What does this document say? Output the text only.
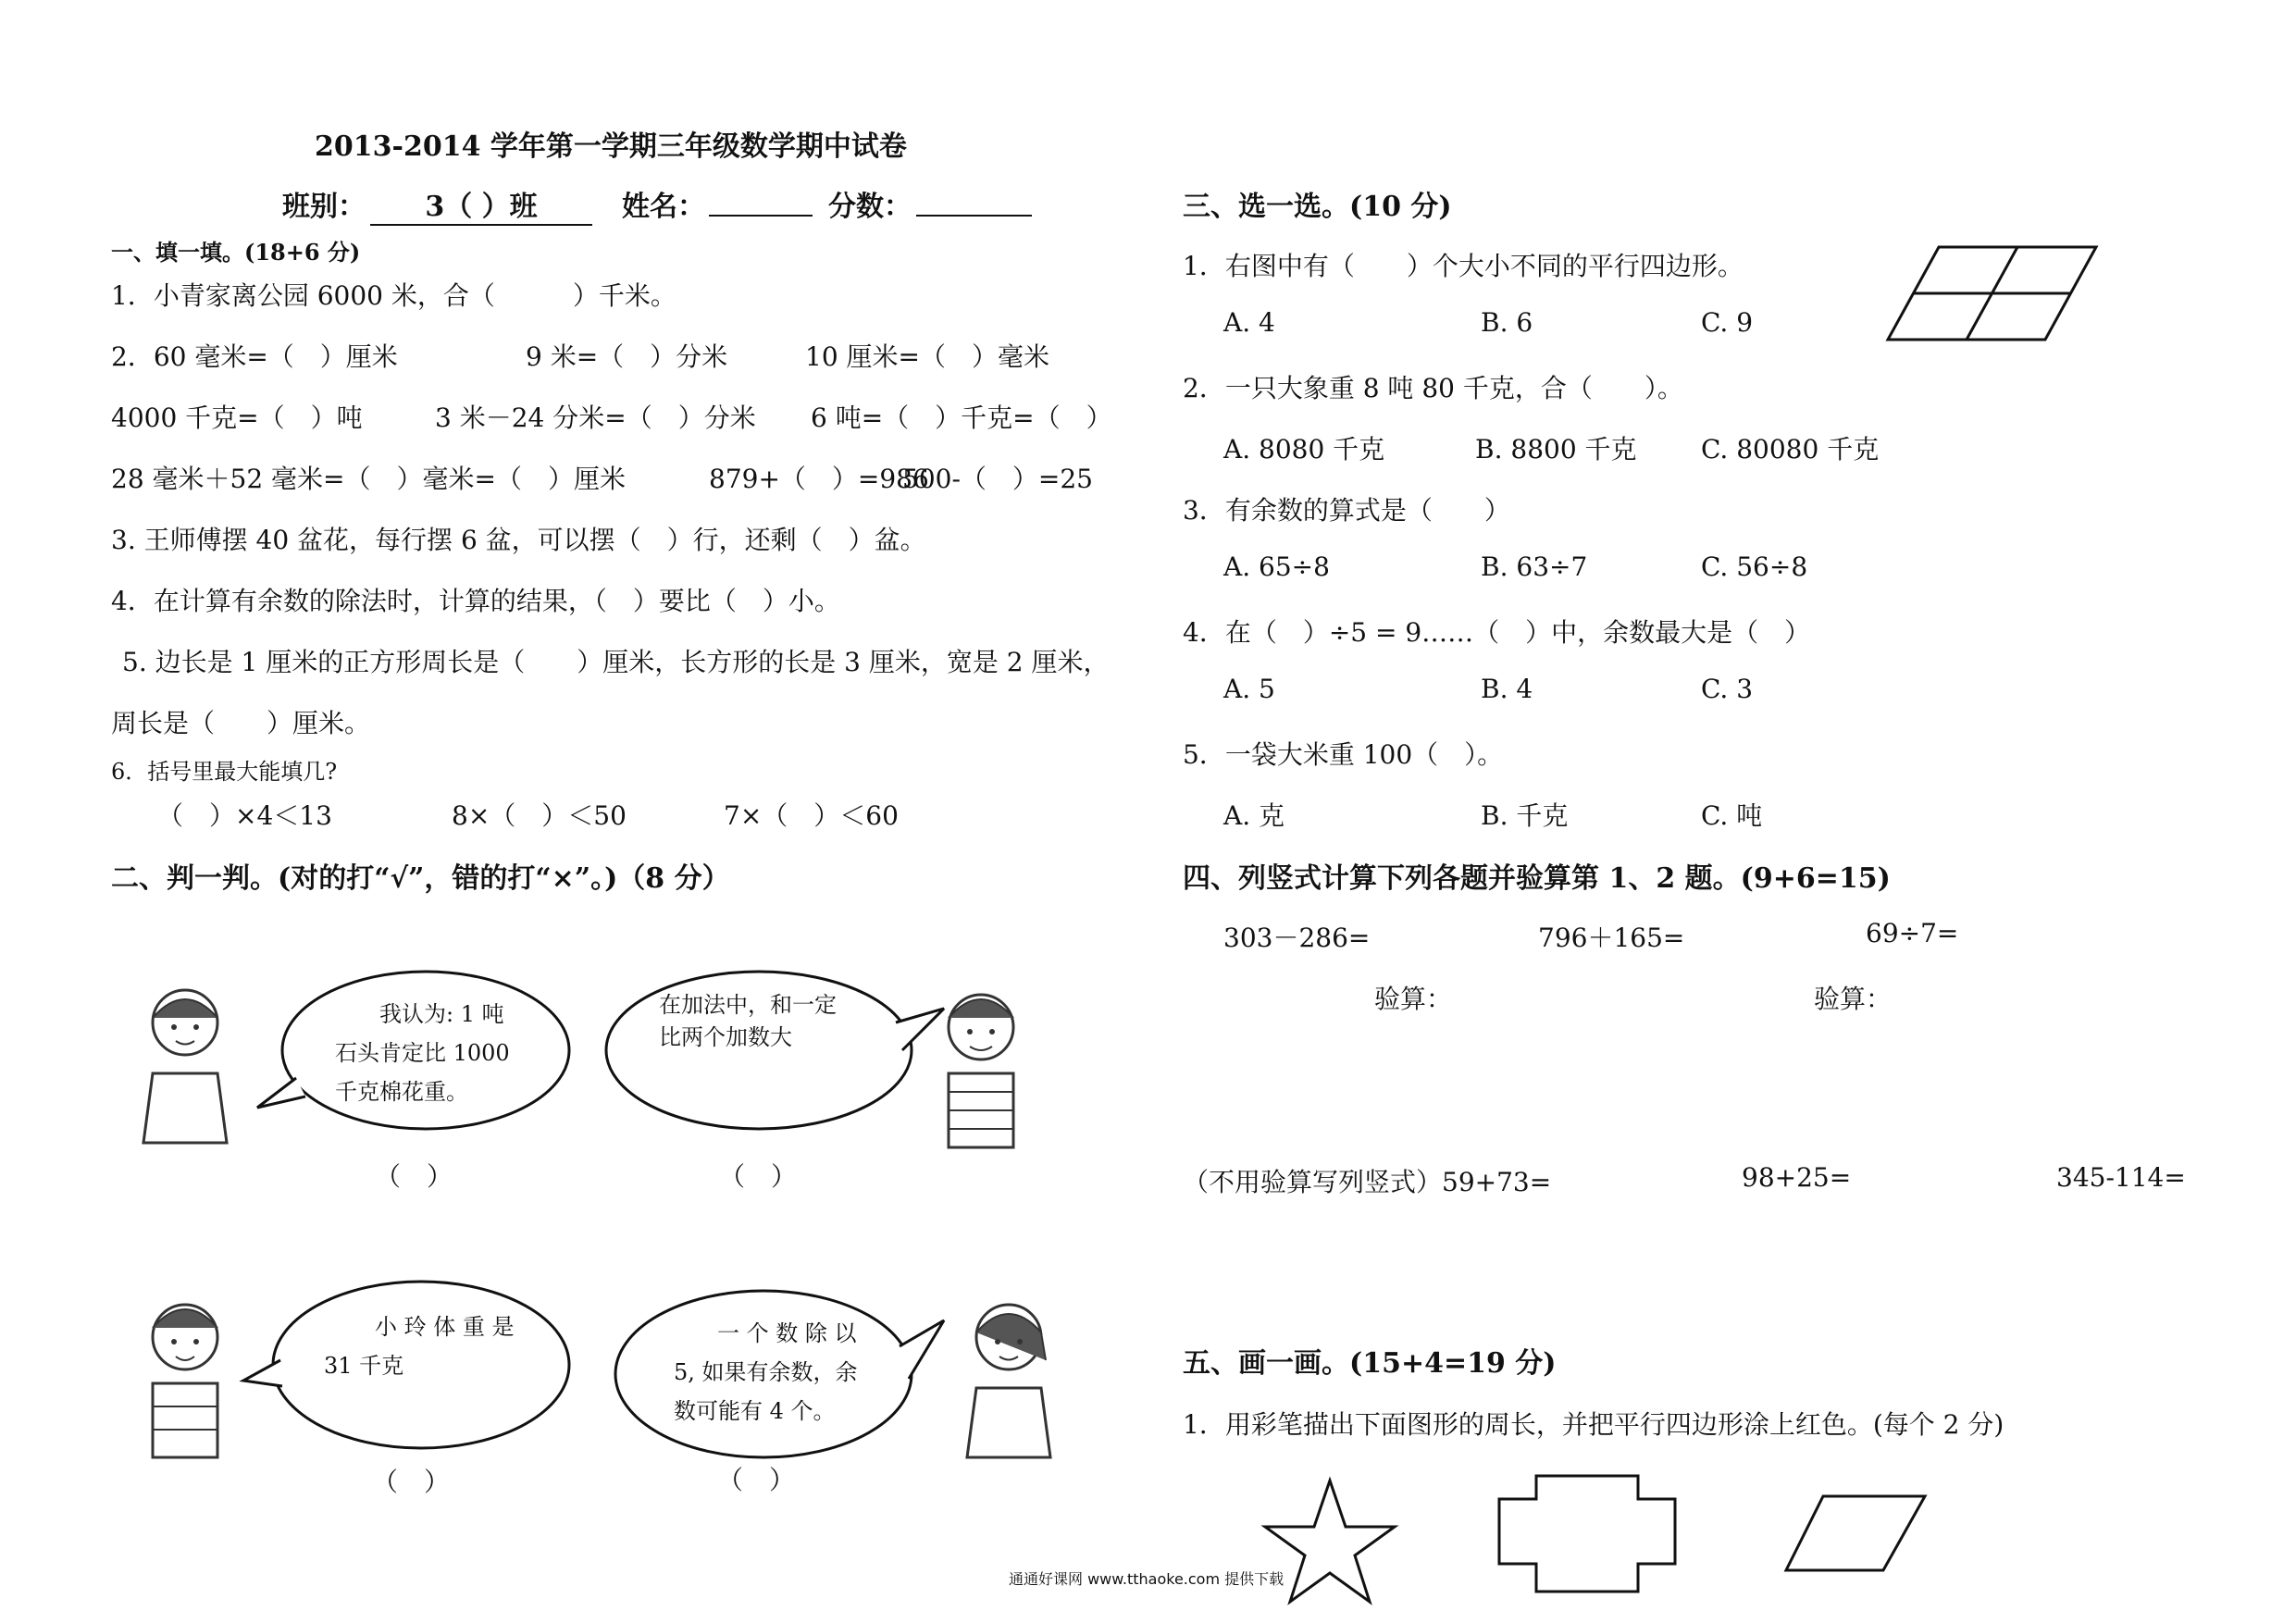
2013-2014 学年第一学期三年级数学期中试卷
班别：	3（ ）班	姓名：	分数：
一、填一填。(18+6 分)
1．小青家离公园 6000 米，合（　　　）千米。
2．60 毫米=（　）厘米	9 米=（　）分米	10 厘米=（　）毫米
4000 千克=（　）吨	3 米－24 分米=（　）分米 6 吨=（　）千克=（　）
28 毫米＋52 毫米=（　）毫米=（　）厘米	879+（　）=986
500-（　）=25
3. 王师傅摆 40 盆花，每行摆 6 盆，可以摆（　）行，还剩（　）盆。
4．在计算有余数的除法时，计算的结果，（　）要比（　）小。
5. 边长是 1 厘米的正方形周长是（　　）厘米，长方形的长是 3 厘米，宽是 2 厘米，
周长是（　　）厘米。
6．括号里最大能填几?
（　）×4＜13	8×（　）＜50	7×（　）＜60
二、判一判。(对的打“√”，错的打“×”。)（8 分）
我认为: 1 吨
石头肯定比 1000
千克棉花重。
（　）
在加法中，和一定
比两个加数大
（　）
小 玲 体 重 是
31 千克
（　）
一 个 数 除 以
5, 如果有余数，余
数可能有 4 个。
（　）
三、选一选。(10 分)
1．右图中有（　　）个大小不同的平行四边形。
A. 4	B. 6	C. 9
2．一只大象重 8 吨 80 千克，合（　　）。
A. 8080 千克	B. 8800 千克 C. 80080 千克
3．有余数的算式是（　　）
A. 65÷8	B. 63÷7	C. 56÷8
4．在（　）÷5 = 9……（　）中，余数最大是（　）
A. 5	B. 4	C. 3
5．一袋大米重 100（　）。
A. 克	B. 千克	C. 吨
四、列竖式计算下列各题并验算第 1、2 题。(9+6=15)
303－286=	796＋165=	69÷7=
验算：	验算：
（不用验算写列竖式）59+73=	98+25=	345-114=
五、画一画。(15+4=19 分)
1．用彩笔描出下面图形的周长，并把平行四边形涂上红色。(每个 2 分)
通通好课网 www.tthaoke.com 提供下载
